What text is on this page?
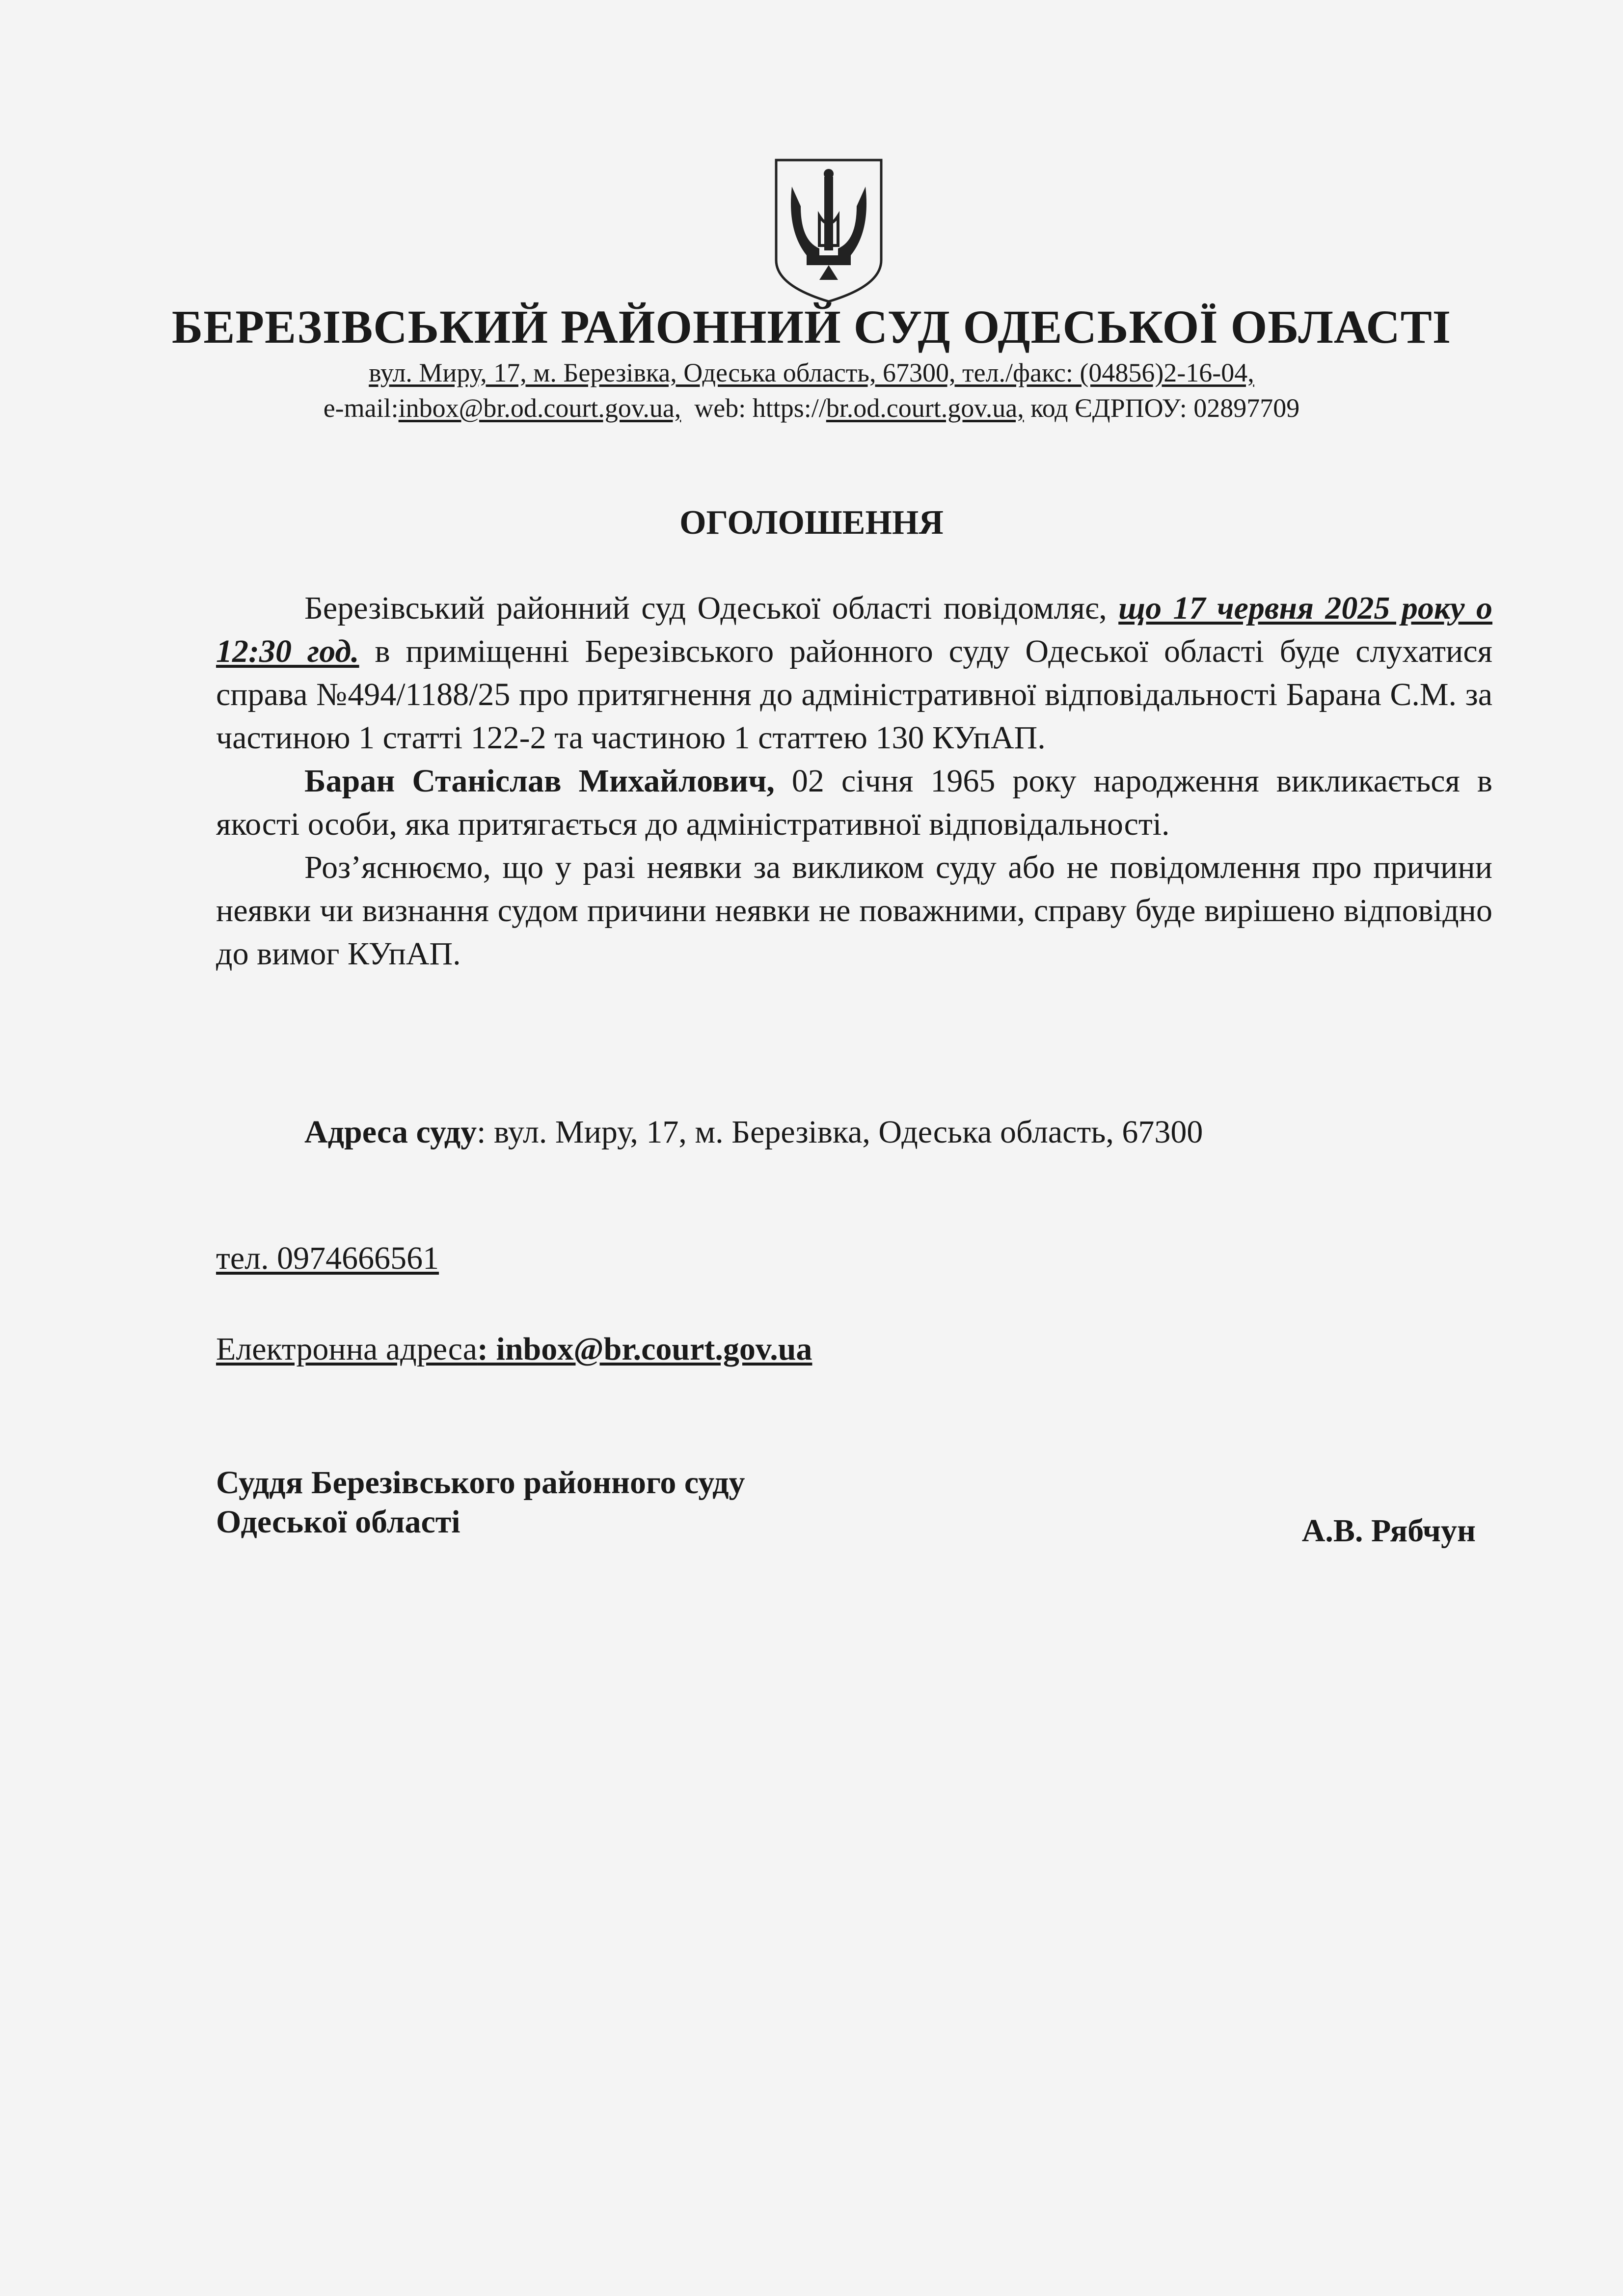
БЕРЕЗІВСЬКИЙ РАЙОННИЙ СУД ОДЕСЬКОЇ ОБЛАСТІ
вул. Миру, 17, м. Березівка, Одеська область, 67300, тел./факс: (04856)2-16-04,
e-mail:inbox@br.od.court.gov.ua, web: https://br.od.court.gov.ua, код ЄДРПОУ: 02897709
ОГОЛОШЕННЯ

Березівський районний суд Одеської області повідомляє, що 17 червня 2025 року о 12:30 год. в приміщенні Березівського районного суду Одеської області буде слухатися справа №494/1188/25 про притягнення до адміністративної відповідальності Барана С.М. за частиною 1 статті 122-2 та частиною 1 статтею 130 КУпАП.

Баран Станіслав Михайлович, 02 січня 1965 року народження викликається в якості особи, яка притягається до адміністративної відповідальності.

Роз’яснюємо, що у разі неявки за викликом суду або не повідомлення про причини неявки чи визнання судом причини неявки не поважними, справу буде вирішено відповідно до вимог КУпАП.

Адреса суду: вул. Миру, 17, м. Березівка, Одеська область, 67300
тел. 0974666561
Електронна адреса: inbox@br.court.gov.ua
Суддя Березівського районного суду
Одеської області	А.В. Рябчун
